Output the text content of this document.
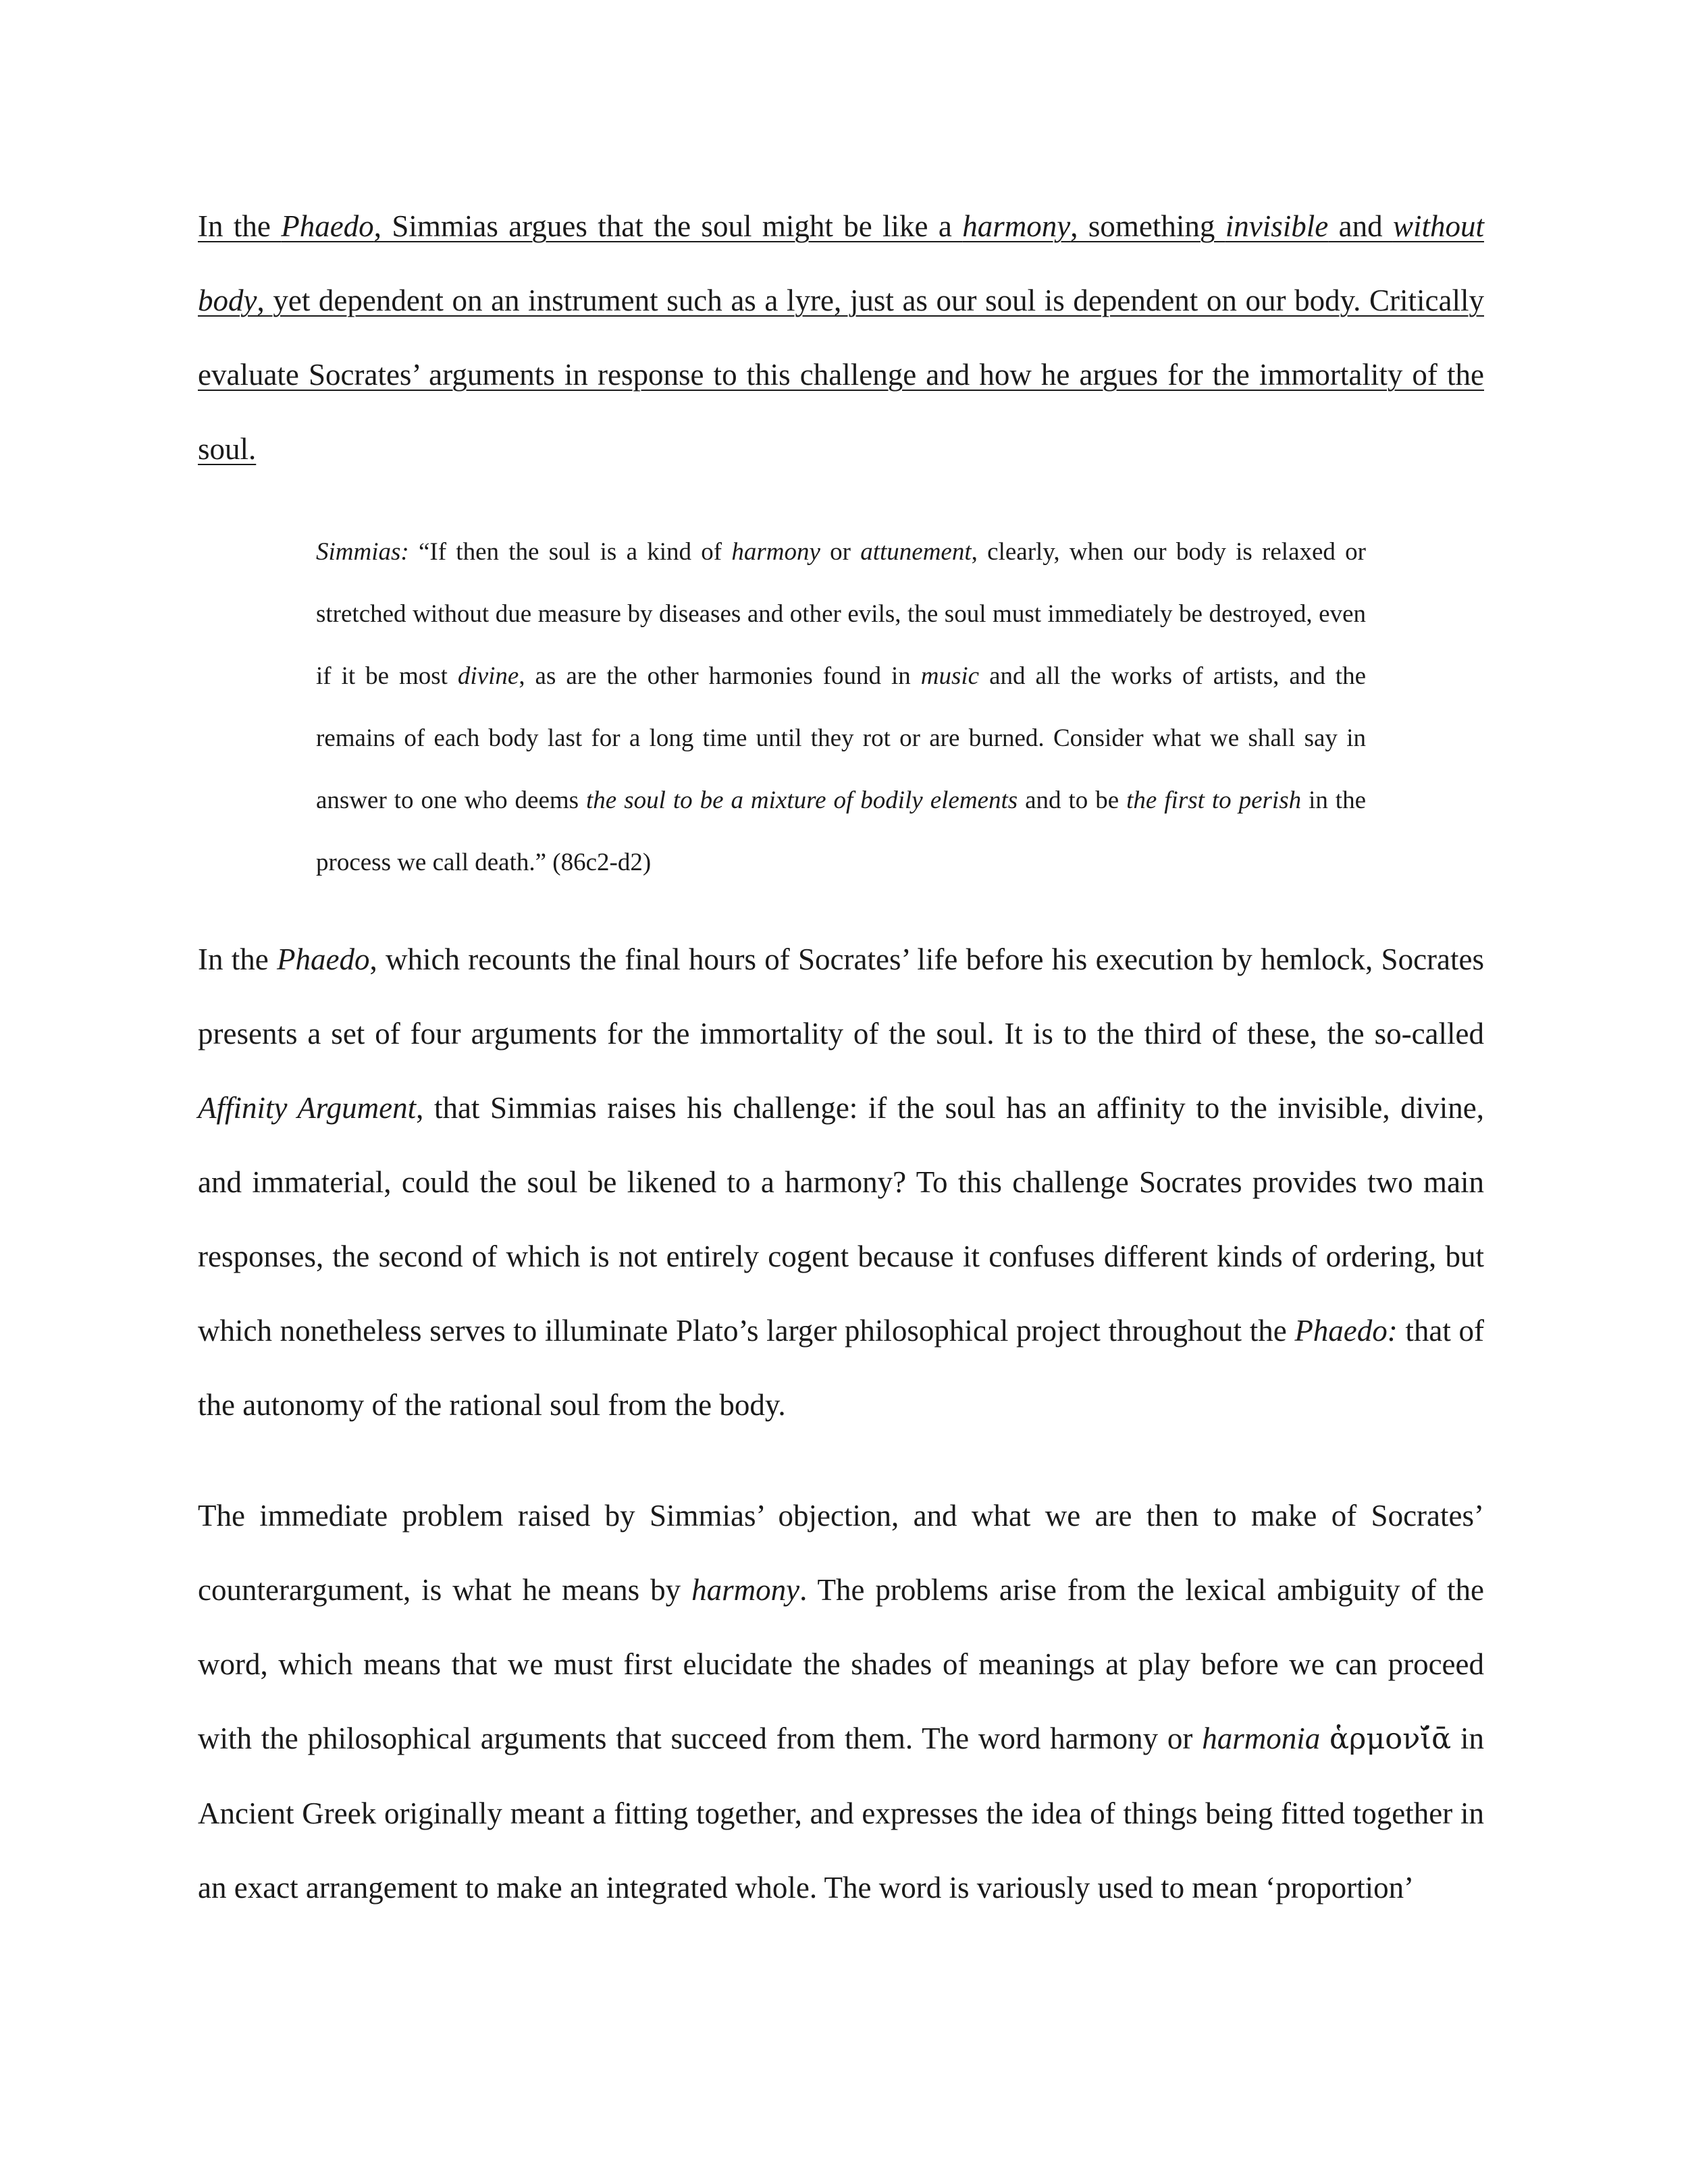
In the Phaedo, Simmias argues that the soul might be like a harmony, something invisible and without body, yet dependent on an instrument such as a lyre, just as our soul is dependent on our body. Critically evaluate Socrates’ arguments in response to this challenge and how he argues for the immortality of the soul.

Simmias: “If then the soul is a kind of harmony or attunement, clearly, when our body is relaxed or stretched without due measure by diseases and other evils, the soul must immediately be destroyed, even if it be most divine, as are the other harmonies found in music and all the works of artists, and the remains of each body last for a long time until they rot or are burned. Consider what we shall say in answer to one who deems the soul to be a mixture of bodily elements and to be the first to perish in the process we call death.” (86c2-d2)

In the Phaedo, which recounts the final hours of Socrates’ life before his execution by hemlock, Socrates presents a set of four arguments for the immortality of the soul. It is to the third of these, the so-called Affinity Argument, that Simmias raises his challenge: if the soul has an affinity to the invisible, divine, and immaterial, could the soul be likened to a harmony? To this challenge Socrates provides two main responses, the second of which is not entirely cogent because it confuses different kinds of ordering, but which nonetheless serves to illuminate Plato’s larger philosophical project throughout the Phaedo: that of the autonomy of the rational soul from the body.

The immediate problem raised by Simmias’ objection, and what we are then to make of Socrates’ counterargument, is what he means by harmony. The problems arise from the lexical ambiguity of the word, which means that we must first elucidate the shades of meanings at play before we can proceed with the philosophical arguments that succeed from them. The word harmony or harmonia ἁρμονῐ́ᾱ in Ancient Greek originally meant a fitting together, and expresses the idea of things being fitted together in an exact arrangement to make an integrated whole. The word is variously used to mean ‘proportion’
